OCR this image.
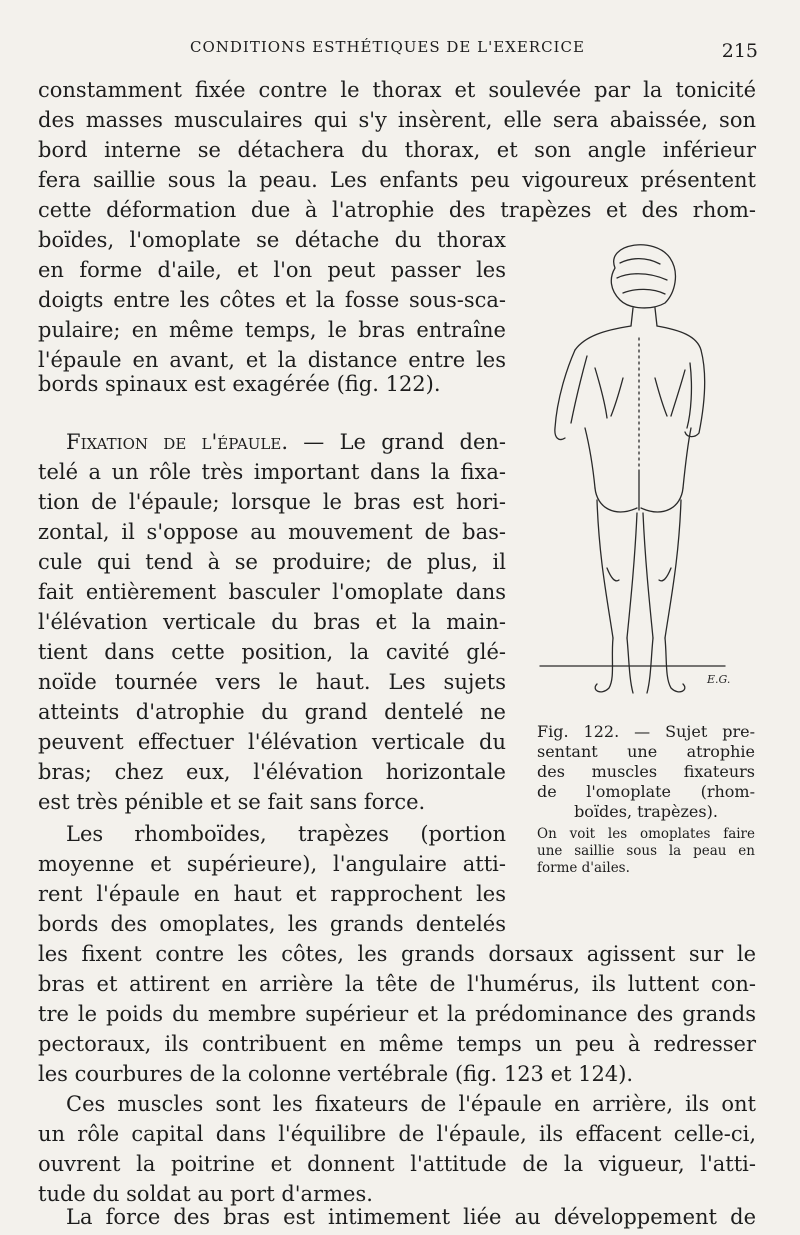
CONDITIONS ESTHÉTIQUES DE L'EXERCICE	215
constamment fixée contre le thorax et soulevée par la tonicité
des masses musculaires qui s'y insèrent, elle sera abaissée, son
bord interne se détachera du thorax, et son angle inférieur
fera saillie sous la peau. Les enfants peu vigoureux présentent
cette déformation due à l'atrophie des trapèzes et des rhom-
boïdes, l'omoplate se détache du thorax
en forme d'aile, et l'on peut passer les
doigts entre les côtes et la fosse sous-sca-
pulaire; en même temps, le bras entraîne
l'épaule en avant, et la distance entre les
bords spinaux est exagérée (fig. 122).
Fixation de l'épaule. — Le grand den-
telé a un rôle très important dans la fixa-
tion de l'épaule; lorsque le bras est hori-
zontal, il s'oppose au mouvement de bas-
cule qui tend à se produire; de plus, il
fait entièrement basculer l'omoplate dans
l'élévation verticale du bras et la main-
tient dans cette position, la cavité glé-
noïde tournée vers le haut. Les sujets
atteints d'atrophie du grand dentelé ne
peuvent effectuer l'élévation verticale du
bras; chez eux, l'élévation horizontale
est très pénible et se fait sans force.
Les rhomboïdes, trapèzes (portion
moyenne et supérieure), l'angulaire atti-
rent l'épaule en haut et rapprochent les
bords des omoplates, les grands dentelés
les fixent contre les côtes, les grands dorsaux agissent sur le
bras et attirent en arrière la tête de l'humérus, ils luttent con-
tre le poids du membre supérieur et la prédominance des grands
pectoraux, ils contribuent en même temps un peu à redresser
les courbures de la colonne vertébrale (fig. 123 et 124).
Ces muscles sont les fixateurs de l'épaule en arrière, ils ont
un rôle capital dans l'équilibre de l'épaule, ils effacent celle-ci,
ouvrent la poitrine et donnent l'attitude de la vigueur, l'atti-
tude du soldat au port d'armes.
La force des bras est intimement liée au développement de
E.G.
Fig. 122. — Sujet pre-
sentant une atrophie
des muscles fixateurs
de l'omoplate (rhom-
boïdes, trapèzes).
On voit les omoplates faire
une saillie sous la peau en
forme d'ailes.
